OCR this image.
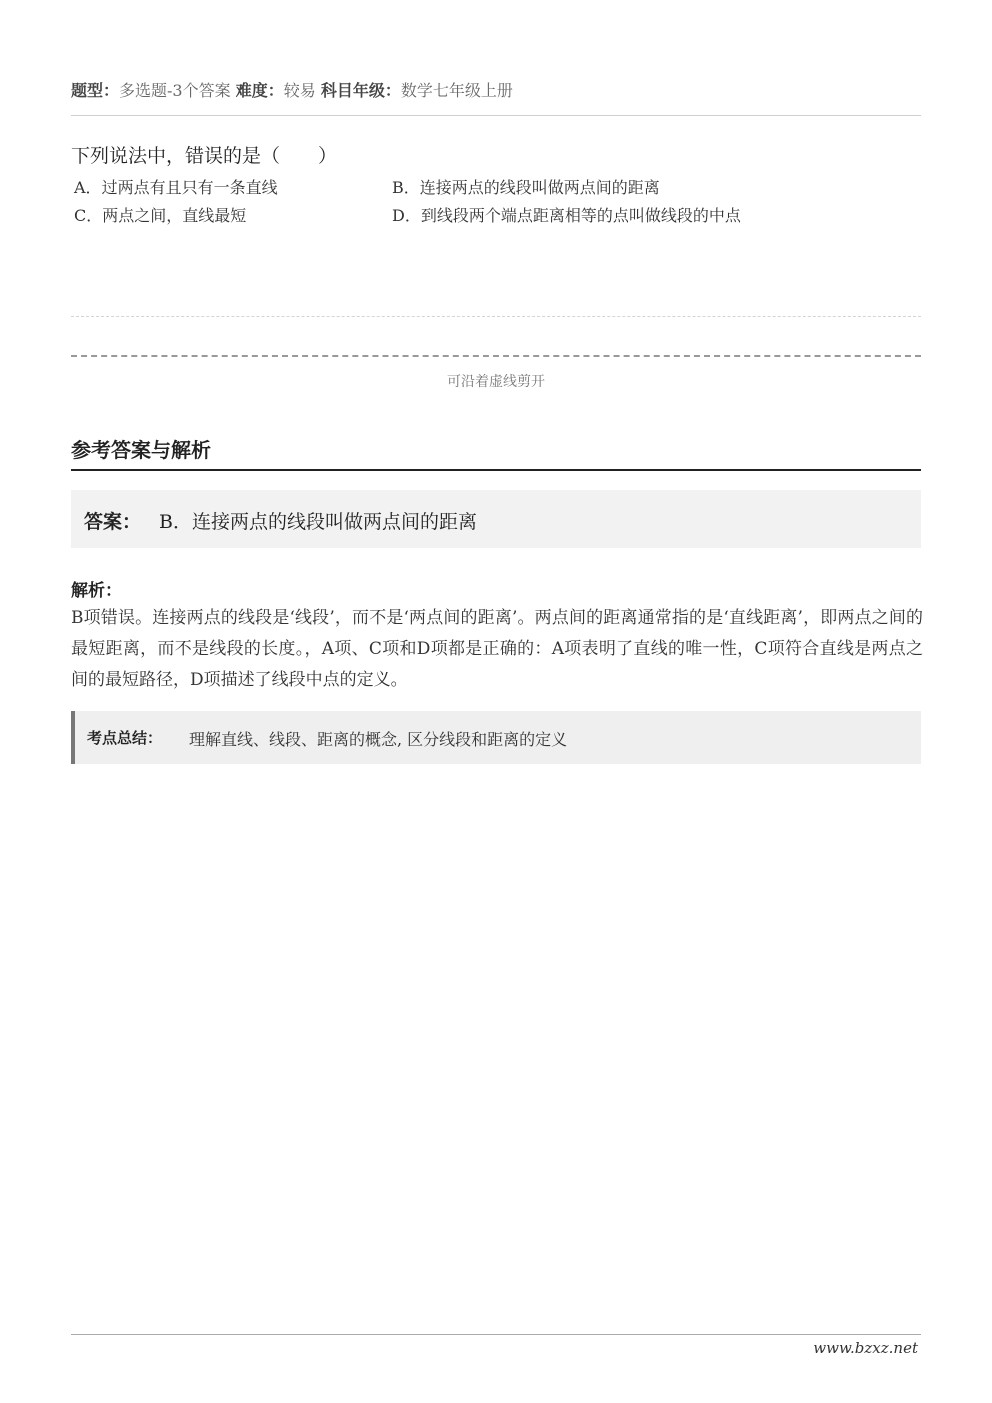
题型：多选题-3个答案 难度：较易 科目年级：数学七年级上册
下列说法中，错误的是（　　）
A．过两点有且只有一条直线	B．连接两点的线段叫做两点间的距离
C．两点之间，直线最短	D．到线段两个端点距离相等的点叫做线段的中点
可沿着虚线剪开
参考答案与解析
答案： B．连接两点的线段叫做两点间的距离
解析：
B项错误。连接两点的线段是‘线段’，而不是‘两点间的距离’。两点间的距离通常指的是‘直线距离’，即两点之间的最短距离，而不是线段的长度。，A项、C项和D项都是正确的：A项表明了直线的唯一性，C项符合直线是两点之间的最短路径，D项描述了线段中点的定义。
考点总结： 理解直线、线段、距离的概念, 区分线段和距离的定义
www.bzxz.net
